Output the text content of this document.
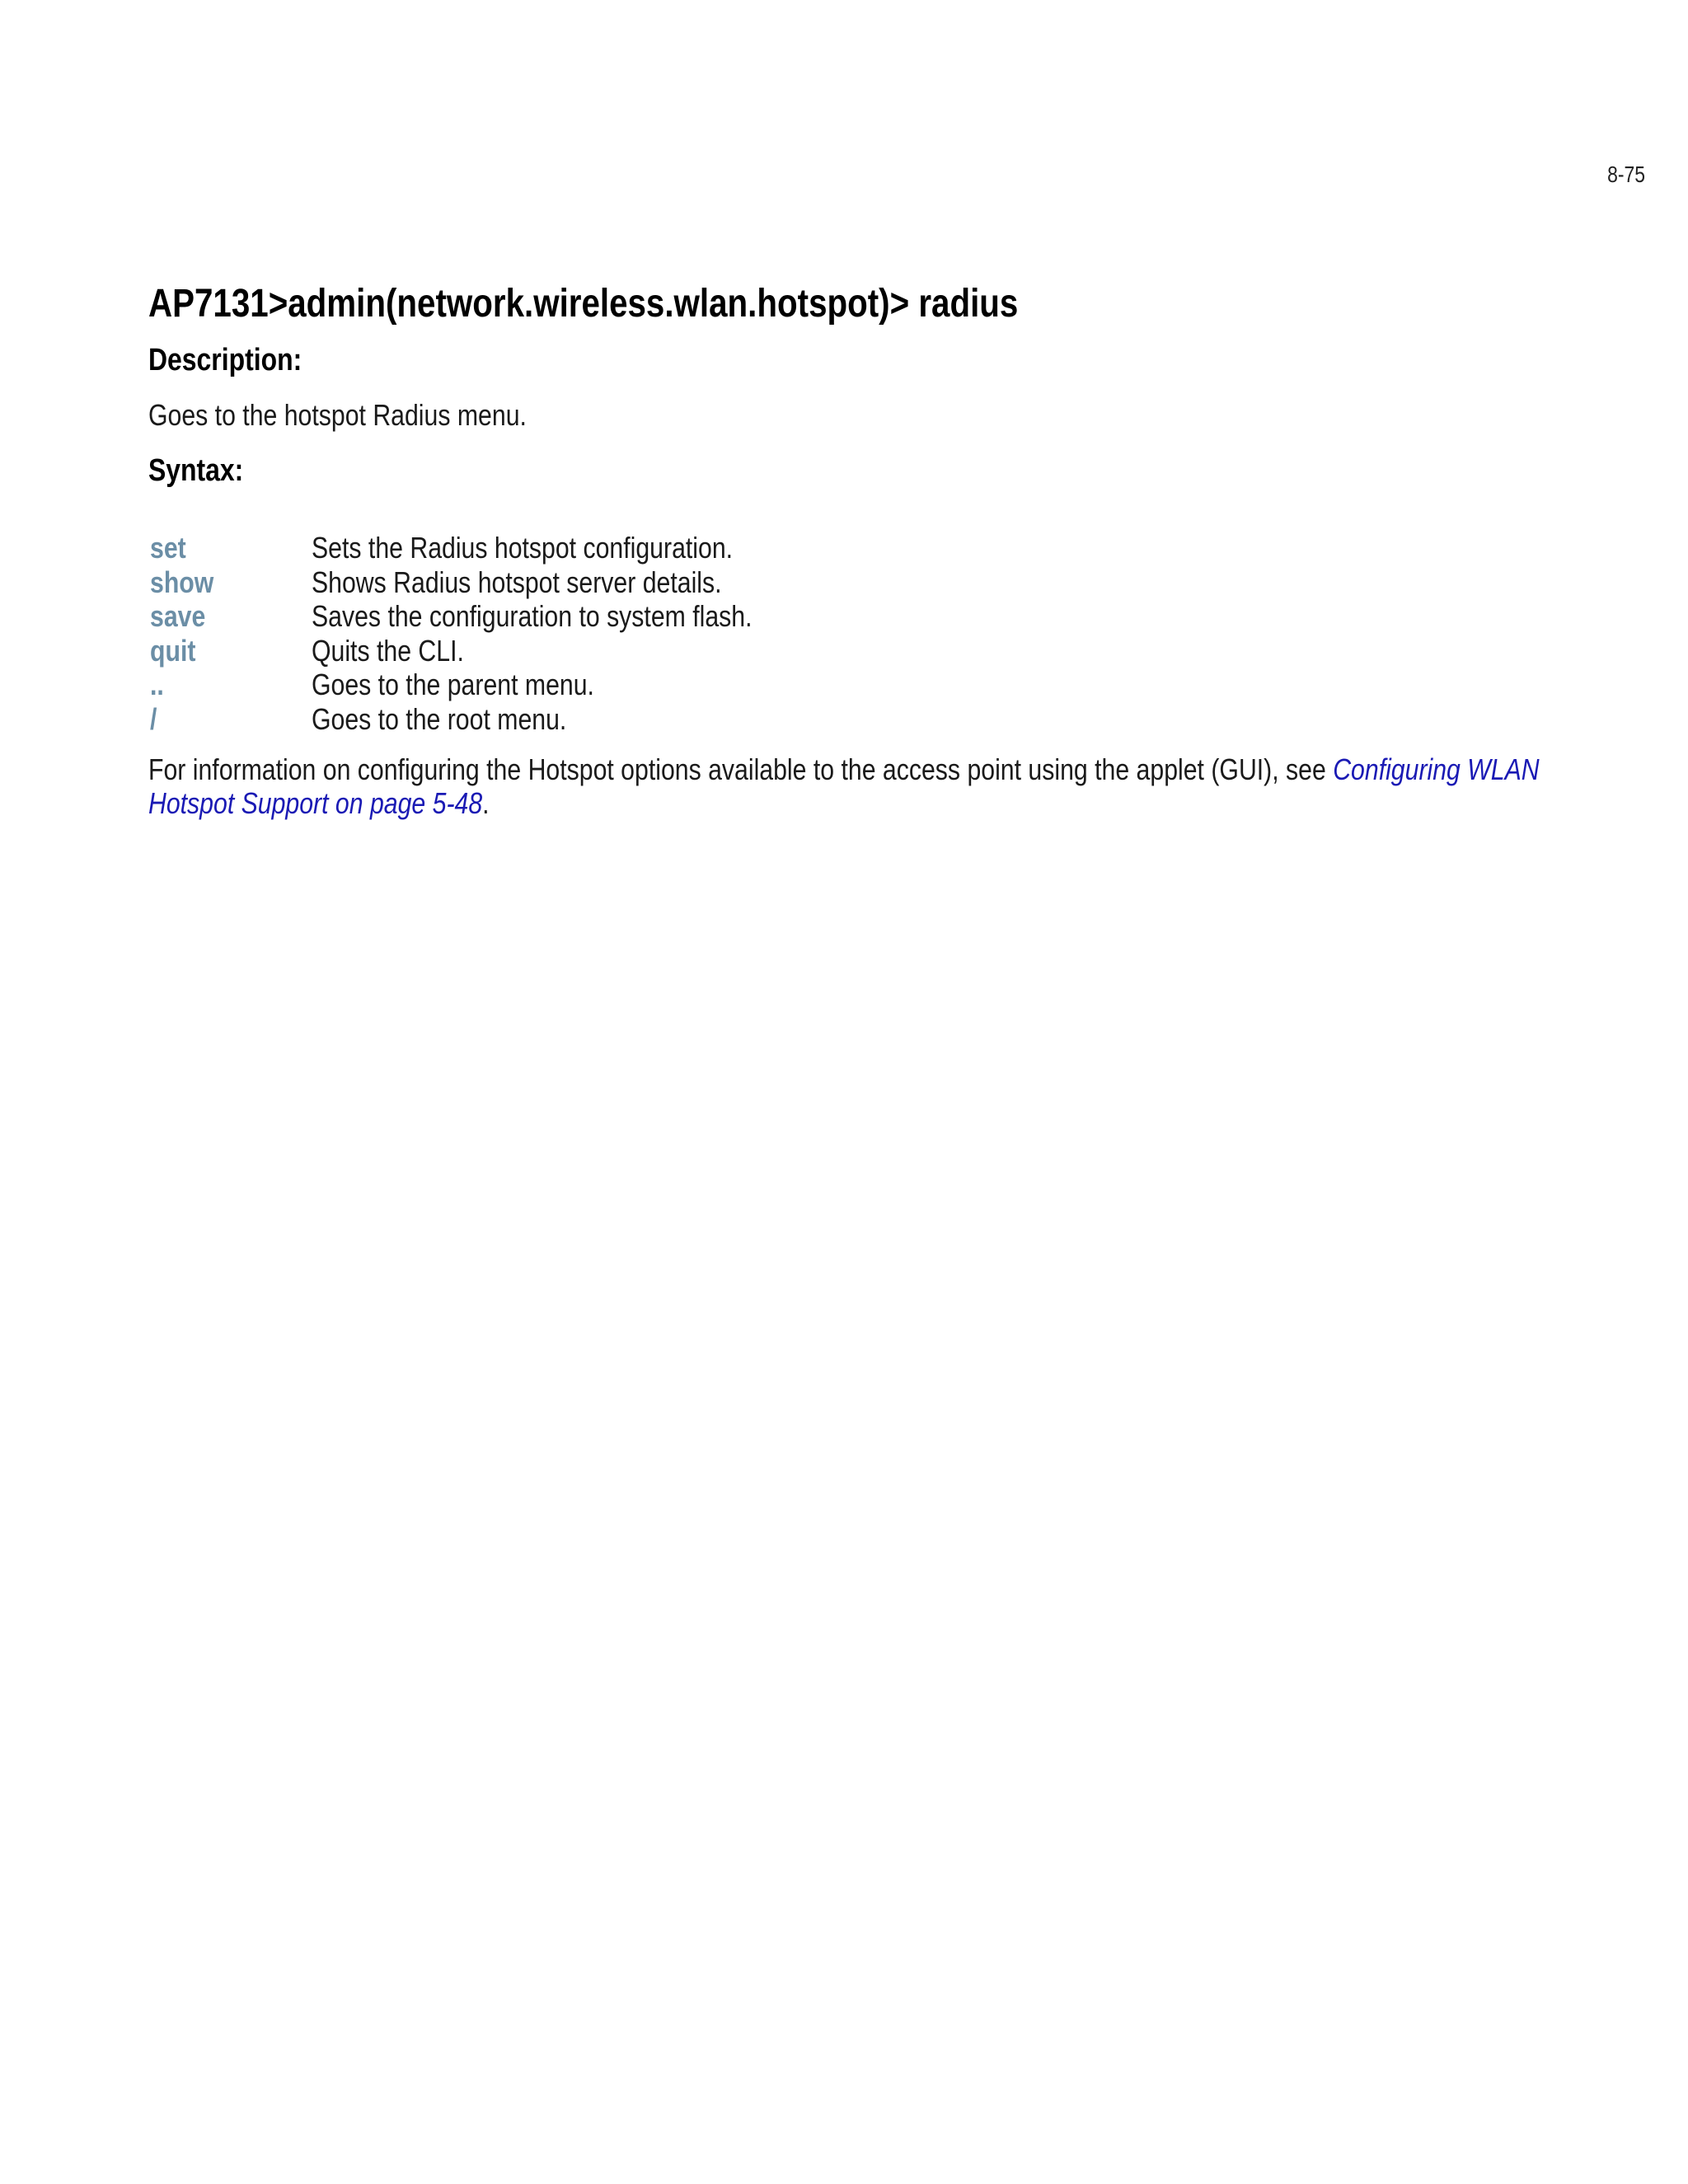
8-75
AP7131>admin(network.wireless.wlan.hotspot)> radius
Description:
Goes to the hotspot Radius menu.
Syntax:
set	Sets the Radius hotspot configuration.
show	Shows Radius hotspot server details.
save	Saves the configuration to system flash.
quit	Quits the CLI.
..	Goes to the parent menu.
/	Goes to the root menu.
For information on configuring the Hotspot options available to the access point using the applet (GUI), see Configuring WLAN
Hotspot Support on page 5-48.
